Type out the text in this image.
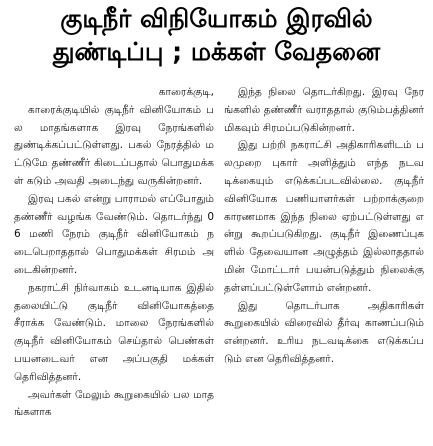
குடிநீர் விநியோகம் இரவில்
துண்டிப்பு ; மக்கள் வேதனை
காரைக்குடி,

காரைக்குடியில் குடிநீர் வினியோகம் பல மாதங்களாக இரவு நேரங்களில் துண்டிக்கப்பட்டுள்ளது. பகல் நேரத்தில் மட்டுமே தண்ணீர் கிடைப்பதால் பொதுமக்கள் கடும் அவதி அடைந்து வருகின்றனர்.

இரவு பகல் என்று பாராமல் எப்போதும் தண்ணீர் வழங்க வேண்டும். தொடர்ந்து 06 மணி நேரம் குடிநீர் வினியோகம் நடைபெறாததால் பொதுமக்கள் சிரமம் அடைகின்றனர்.

நகராட்சி நிர்வாகம் உடனடியாக இதில் தலையிட்டு குடிநீர் வினியோகத்தை சீராக்க வேண்டும். மாலை நேரங்களில் குடிநீர் வினியோகம் செய்தால் பெண்கள் பயனடைவர் என அப்பகுதி மக்கள் தெரிவித்தனர்.

அவர்கள் மேலும் கூறுகையில் பல மாதங்களாக

இந்த நிலை தொடர்கிறது. இரவு நேரங்களில் தண்ணீர் வராததால் குடும்பத்தினர் மிகவும் சிரமப்படுகின்றனர்.

இது பற்றி நகராட்சி அதிகாரிகளிடம் பலமுறை புகார் அளித்தும் எந்த நடவடிக்கையும் எடுக்கப்படவில்லை. குடிநீர் வினியோக பணியாளர்கள் பற்றாக்குறை காரணமாக இந்த நிலை ஏற்பட்டுள்ளது என்று கூறப்படுகிறது. குடிநீர் இணைப்புகளில் தேவையான அழுத்தம் இல்லாததால் மின் மோட்டார் பயன்படுத்தும் நிலைக்கு தள்ளப்பட்டுள்ளோம் என்றனர்.

இது தொடர்பாக அதிகாரிகள் கூறுகையில் விரைவில் தீர்வு காணப்படும் என்றனர். உரிய நடவடிக்கை எடுக்கப்படும் என தெரிவித்தனர்.
